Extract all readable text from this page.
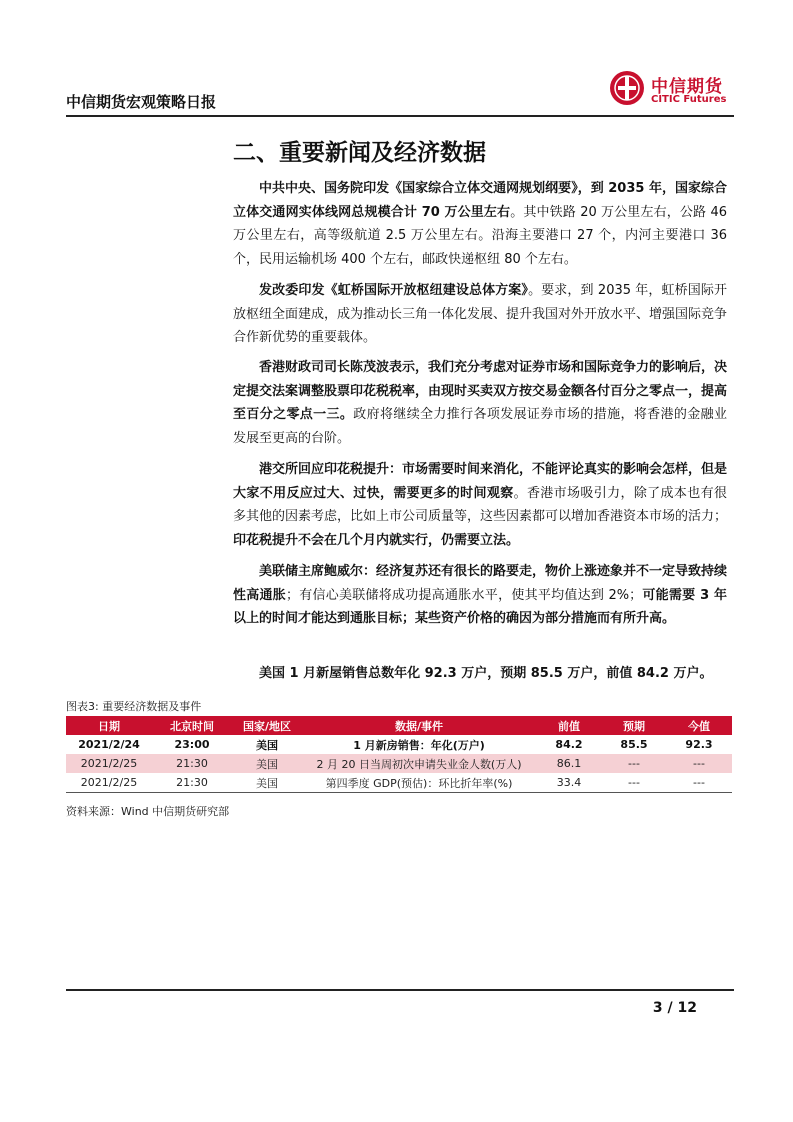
中信期货宏观策略日报
中信期货
CITIC Futures
二、重要新闻及经济数据

中共中央、国务院印发《国家综合立体交通网规划纲要》，到 2035 年，国家综合立体交通网实体线网总规模合计 70 万公里左右。其中铁路 20 万公里左右，公路 46 万公里左右，高等级航道 2.5 万公里左右。沿海主要港口 27 个，内河主要港口 36 个，民用运输机场 400 个左右，邮政快递枢纽 80 个左右。

发改委印发《虹桥国际开放枢纽建设总体方案》。要求，到 2035 年，虹桥国际开放枢纽全面建成，成为推动长三角一体化发展、提升我国对外开放水平、增强国际竞争合作新优势的重要载体。

香港财政司司长陈茂波表示，我们充分考虑对证券市场和国际竞争力的影响后，决定提交法案调整股票印花税税率，由现时买卖双方按交易金额各付百分之零点一，提高至百分之零点一三。政府将继续全力推行各项发展证券市场的措施，将香港的金融业发展至更高的台阶。

港交所回应印花税提升：市场需要时间来消化，不能评论真实的影响会怎样，但是大家不用反应过大、过快，需要更多的时间观察。香港市场吸引力，除了成本也有很多其他的因素考虑，比如上市公司质量等，这些因素都可以增加香港资本市场的活力；印花税提升不会在几个月内就实行，仍需要立法。

美联储主席鲍威尔：经济复苏还有很长的路要走，物价上涨迹象并不一定导致持续性高通胀；有信心美联储将成功提高通胀水平，使其平均值达到 2%；可能需要 3 年以上的时间才能达到通胀目标；某些资产价格的确因为部分措施而有所升高。

美国 1 月新屋销售总数年化 92.3 万户，预期 85.5 万户，前值 84.2 万户。

图表3: 重要经济数据及事件
日期	北京时间	国家/地区	数据/事件	前值	预期	今值
2021/2/24	23:00	美国	1 月新房销售：年化(万户)	84.2	85.5	92.3
2021/2/25	21:30	美国	2 月 20 日当周初次申请失业金人数(万人)	86.1	---	---
2021/2/25	21:30	美国	第四季度 GDP(预估)：环比折年率(%)	33.4	---	---
资料来源：Wind 中信期货研究部
3 / 12
